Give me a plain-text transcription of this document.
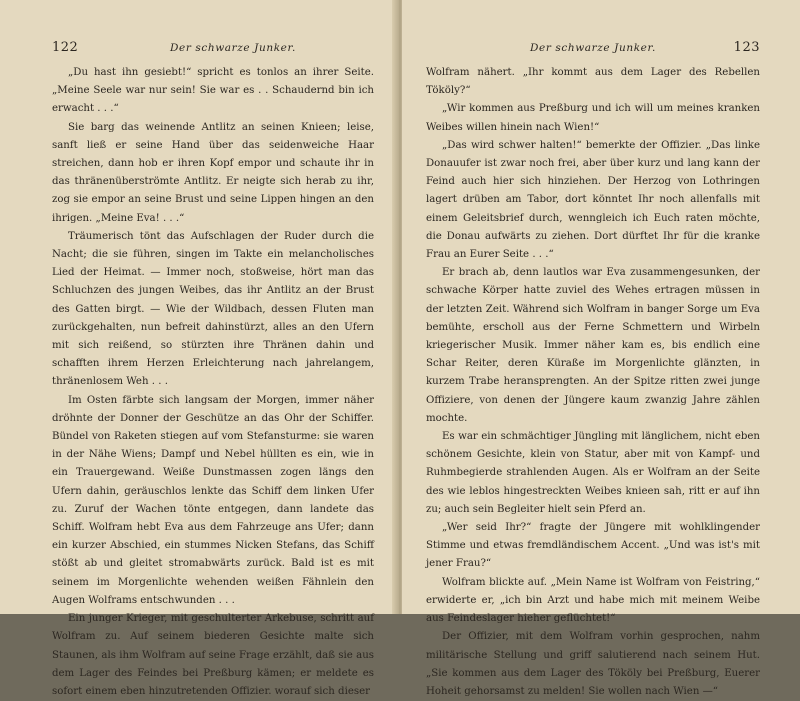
122	Der schwarze Junker.

„Du hast ihn gesiebt!“ spricht es tonlos an ihrer Seite. „Meine Seele war nur sein! Sie war es . . Schaudernd bin ich erwacht . . .“

Sie barg das weinende Antlitz an seinen Knieen; leise, sanft ließ er seine Hand über das seidenweiche Haar streichen, dann hob er ihren Kopf empor und schaute ihr in das thränenüberströmte Antlitz. Er neigte sich herab zu ihr, zog sie empor an seine Brust und seine Lippen hingen an den ihrigen. „Meine Eva! . . .“

Träumerisch tönt das Aufschlagen der Ruder durch die Nacht; die sie führen, singen im Takte ein melancholisches Lied der Heimat. — Immer noch, stoßweise, hört man das Schluchzen des jungen Weibes, das ihr Antlitz an der Brust des Gatten birgt. — Wie der Wildbach, dessen Fluten man zurückgehalten, nun befreit dahinstürzt, alles an den Ufern mit sich reißend, so stürzten ihre Thränen dahin und schafften ihrem Herzen Erleichterung nach jahrelangem, thränenlosem Weh . . .

Im Osten färbte sich langsam der Morgen, immer näher dröhnte der Donner der Geschütze an das Ohr der Schiffer. Bündel von Raketen stiegen auf vom Stefansturme: sie waren in der Nähe Wiens; Dampf und Nebel hüllten es ein, wie in ein Trauergewand. Weiße Dunstmassen zogen längs den Ufern dahin, geräuschlos lenkte das Schiff dem linken Ufer zu. Zuruf der Wachen tönte entgegen, dann landete das Schiff. Wolfram hebt Eva aus dem Fahrzeuge ans Ufer; dann ein kurzer Abschied, ein stummes Nicken Stefans, das Schiff stößt ab und gleitet stromabwärts zurück. Bald ist es mit seinem im Morgenlichte wehenden weißen Fähnlein den Augen Wolframs entschwunden . . .

Ein junger Krieger, mit geschulterter Arkebuse, schritt auf Wolfram zu. Auf seinem biederen Gesichte malte sich Staunen, als ihm Wolfram auf seine Frage erzählt, daß sie aus dem Lager des Feindes bei Preßburg kämen; er meldete es sofort einem eben hinzutretenden Offizier. worauf sich dieser

Der schwarze Junker.	123

Wolfram nähert. „Ihr kommt aus dem Lager des Rebellen Tököly?“

„Wir kommen aus Preßburg und ich will um meines kranken Weibes willen hinein nach Wien!“

„Das wird schwer halten!“ bemerkte der Offizier. „Das linke Donauufer ist zwar noch frei, aber über kurz und lang kann der Feind auch hier sich hinziehen. Der Herzog von Lothringen lagert drüben am Tabor, dort könntet Ihr noch allenfalls mit einem Geleitsbrief durch, wenngleich ich Euch raten möchte, die Donau aufwärts zu ziehen. Dort dürftet Ihr für die kranke Frau an Eurer Seite . . .“

Er brach ab, denn lautlos war Eva zusammengesunken, der schwache Körper hatte zuviel des Wehes ertragen müssen in der letzten Zeit. Während sich Wolfram in banger Sorge um Eva bemühte, erscholl aus der Ferne Schmettern und Wirbeln kriegerischer Musik. Immer näher kam es, bis endlich eine Schar Reiter, deren Küraße im Morgenlichte glänzten, in kurzem Trabe heransprengten. An der Spitze ritten zwei junge Offiziere, von denen der Jüngere kaum zwanzig Jahre zählen mochte.

Es war ein schmächtiger Jüngling mit länglichem, nicht eben schönem Gesichte, klein von Statur, aber mit von Kampf- und Ruhmbegierde strahlenden Augen. Als er Wolfram an der Seite des wie leblos hingestreckten Weibes knieen sah, ritt er auf ihn zu; auch sein Begleiter hielt sein Pferd an.

„Wer seid Ihr?“ fragte der Jüngere mit wohlklingender Stimme und etwas fremdländischem Accent. „Und was ist's mit jener Frau?“

Wolfram blickte auf. „Mein Name ist Wolfram von Feistring,“ erwiderte er, „ich bin Arzt und habe mich mit meinem Weibe aus Feindeslager hieher geflüchtet!“

Der Offizier, mit dem Wolfram vorhin gesprochen, nahm militärische Stellung und griff salutierend nach seinem Hut. „Sie kommen aus dem Lager des Tököly bei Preßburg, Euerer Hoheit gehorsamst zu melden! Sie wollen nach Wien —“
